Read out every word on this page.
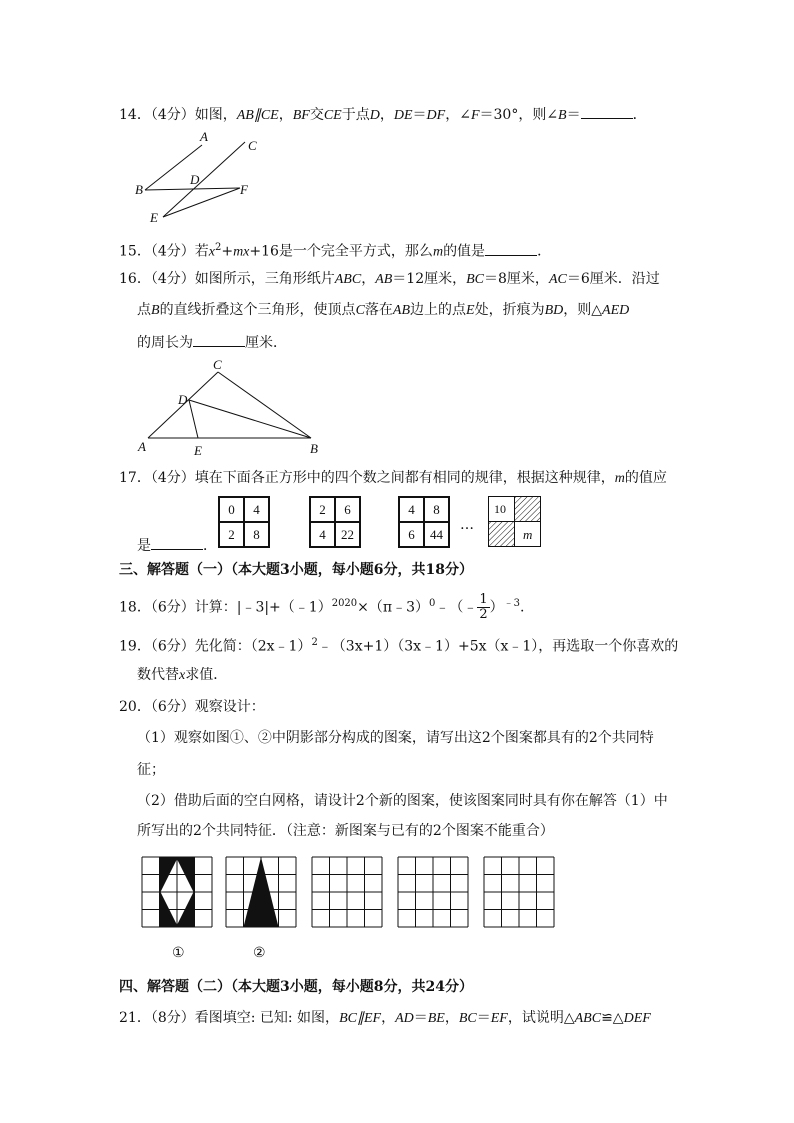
14．（4分）如图，AB∥CE，BF交CE于点D，DE＝DF，∠F＝30°，则∠B＝	．
A
C
B
D
F
E
15．（4分）若$x^2+mx+16$是一个完全平方式，那么m的值是	．
16．（4分）如图所示，三角形纸片ABC，AB＝12厘米，BC＝8厘米，AC＝6厘米．沿过
点B的直线折叠这个三角形，使顶点C落在AB边上的点E处，折痕为BD，则△AED
的周长为	厘米．
C
D
A	E	B
17．（4分）填在下面各正方形中的四个数之间都有相同的规律，根据这种规律，m的值应
是	．
0	4
2	8
2	6
4	22
4	8
6	44
…
10
m
三、解答题（一）（本大题3小题，每小题6分，共18分）
18．（6分）计算：|﹣3|+（﹣1）$^{2020}$×（π﹣3）$^0$﹣（﹣ $\frac{1}{2} )^{﹣3}$.
19．（6分）先化简：（2x﹣1）$^2$﹣（3x+1）（3x﹣1）+5x（x﹣1），再选取一个你喜欢的
数代替x求值．
20．（6分）观察设计：
（1）观察如图①、②中阴影部分构成的图案，请写出这2个图案都具有的2个共同特
征；
（2）借助后面的空白网格，请设计2个新的图案，使该图案同时具有你在解答（1）中
所写出的2个共同特征．（注意：新图案与已有的2个图案不能重合）
①	②
四、解答题（二）（本大题3小题，每小题8分，共24分）
21．（8分）看图填空: 已知: 如图，BC∥EF，AD＝BE，BC＝EF，试说明△ABC≌△DEF
